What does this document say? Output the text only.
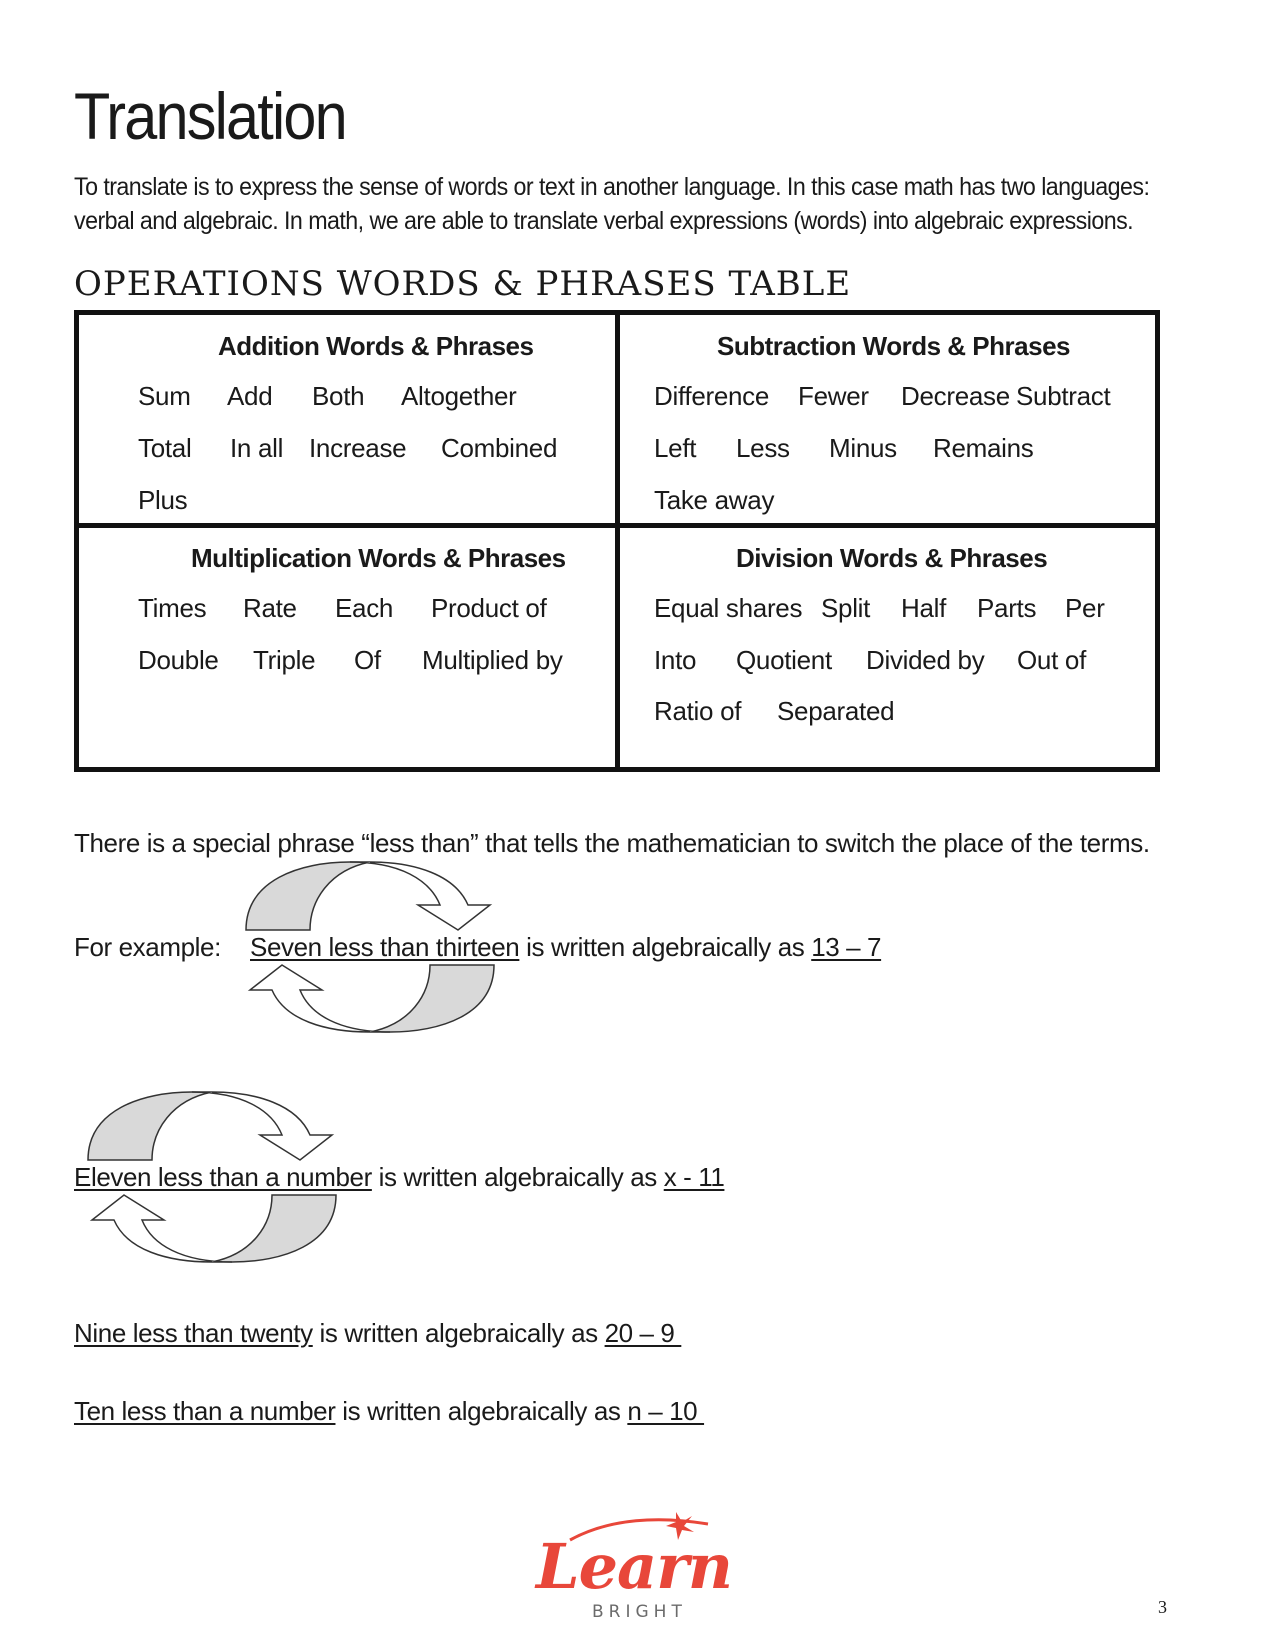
Translation
To translate is to express the sense of words or text in another language. In this case math has two languages:
verbal and algebraic. In math, we are able to translate verbal expressions (words) into algebraic expressions.
OPERATIONS WORDS & PHRASES TABLE
Addition Words & Phrases
Sum Add Both Altogether
Total In all Increase Combined
Plus
Subtraction Words & Phrases
Difference Fewer Decrease Subtract
Left Less Minus Remains
Take away
Multiplication Words & Phrases
Times Rate Each Product of
Double Triple Of Multiplied by
Division Words & Phrases
Equal shares Split Half Parts Per
Into Quotient Divided by Out of
Ratio of Separated
There is a special phrase “less than” that tells the mathematician to switch the place of the terms.
For example: Seven less than thirteen is written algebraically as 13 – 7
Eleven less than a number is written algebraically as x - 11
Nine less than twenty is written algebraically as 20 – 9
Ten less than a number is written algebraically as n – 10
Learn
BRIGHT	3
